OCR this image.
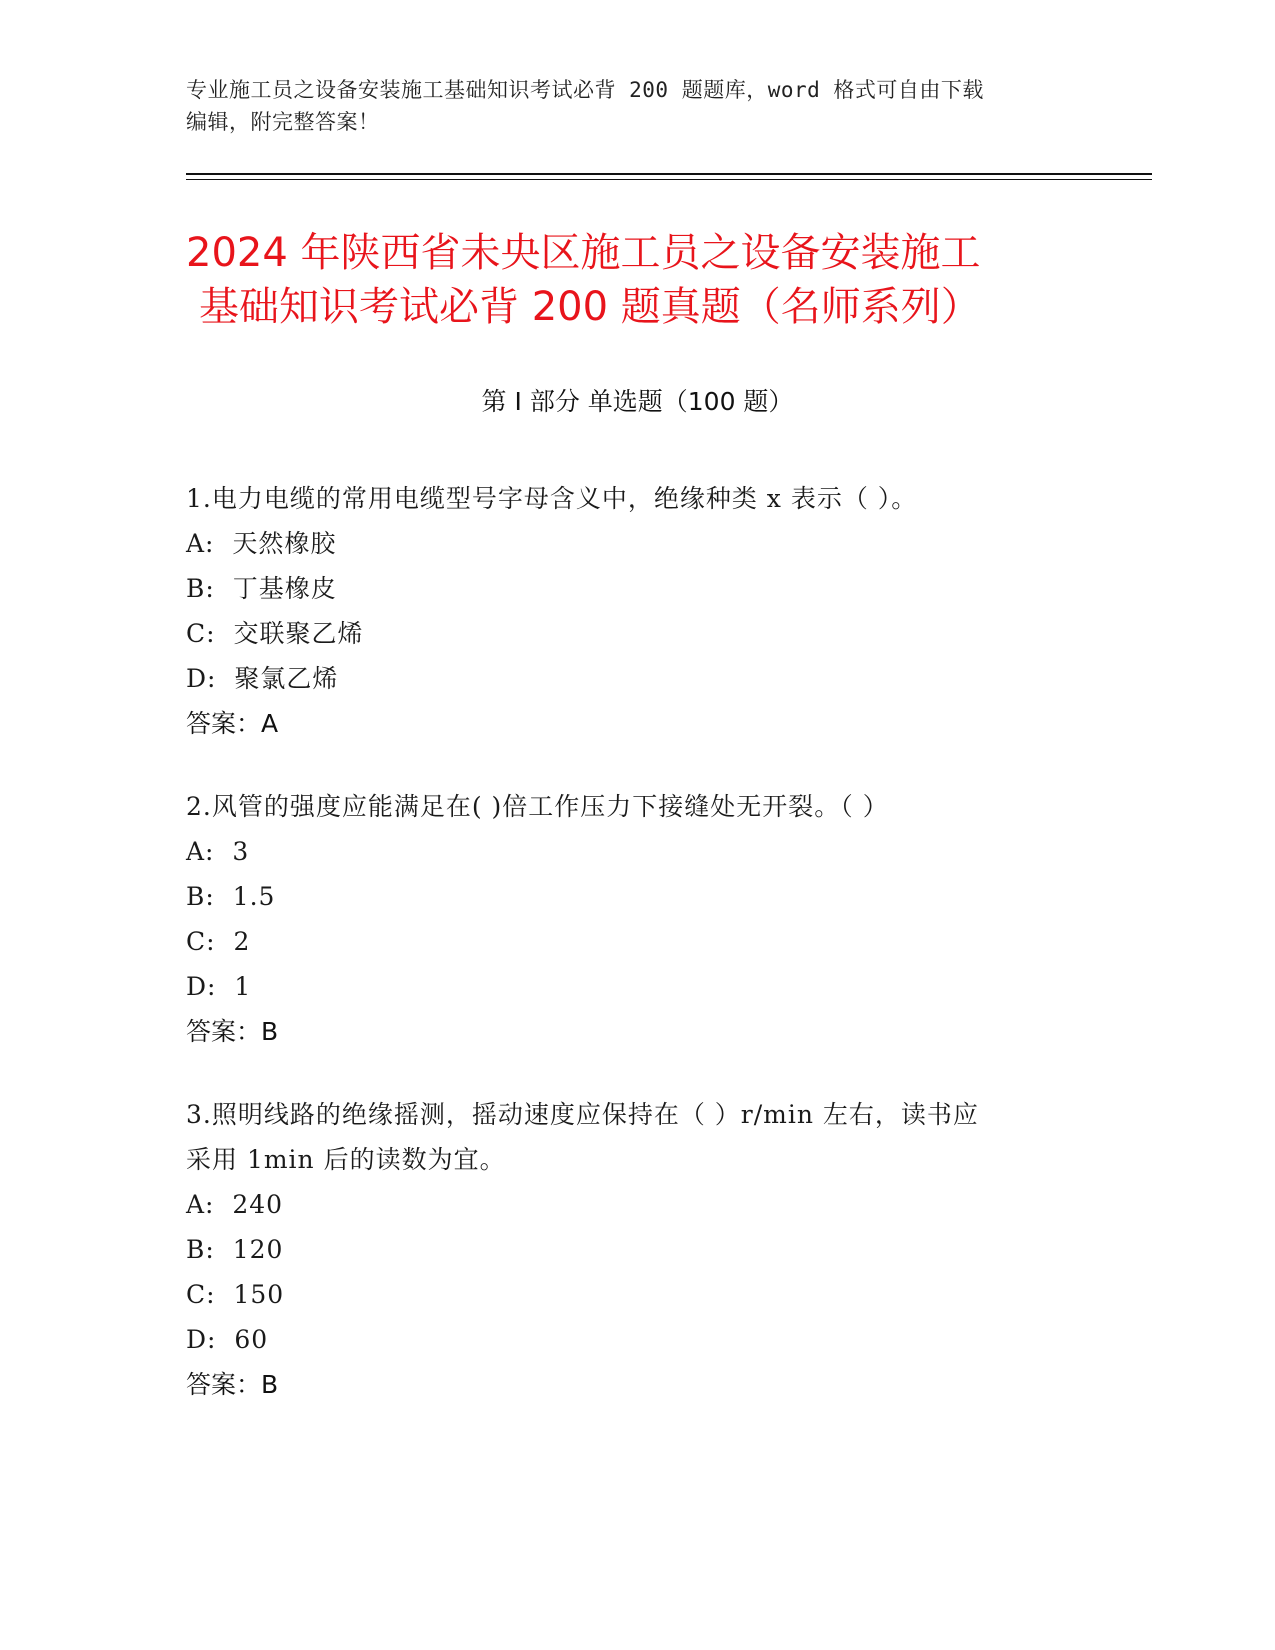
专业施工员之设备安装施工基础知识考试必背 200 题题库，word 格式可自由下载
编辑，附完整答案！
2024 年陕西省未央区施工员之设备安装施工
基础知识考试必背 200 题真题（名师系列）
第 I 部分 单选题（100 题）
1.电力电缆的常用电缆型号字母含义中，绝缘种类 x 表示（ ）。
A:  天然橡胶
B:  丁基橡皮
C:  交联聚乙烯
D:  聚氯乙烯
答案：A
2.风管的强度应能满足在( )倍工作压力下接缝处无开裂。（ ）
A:  3
B:  1.5
C:  2
D:  1
答案：B
3.照明线路的绝缘摇测，摇动速度应保持在（ ）r/min 左右，读书应
采用 1min 后的读数为宜。
A:  240
B:  120
C:  150
D:  60
答案：B
